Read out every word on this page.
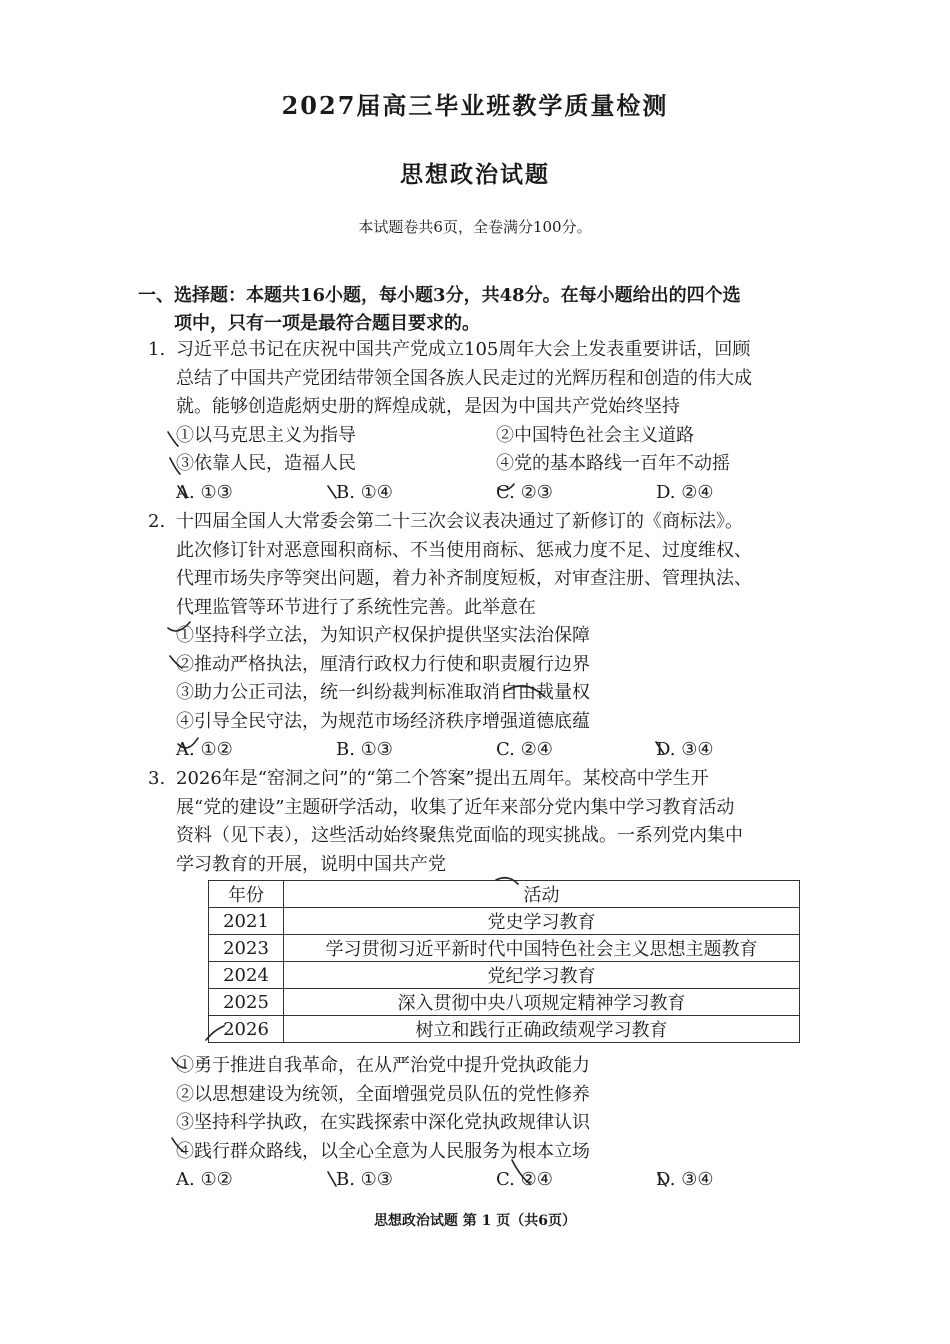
2027届高三毕业班教学质量检测
思想政治试题
本试题卷共6页，全卷满分100分。
一、选择题：本题共16小题，每小题3分，共48分。在每小题给出的四个选
项中，只有一项是最符合题目要求的。
1. 习近平总书记在庆祝中国共产党成立105周年大会上发表重要讲话，回顾
总结了中国共产党团结带领全国各族人民走过的光辉历程和创造的伟大成
就。能够创造彪炳史册的辉煌成就，是因为中国共产党始终坚持
①以马克思主义为指导	②中国特色社会主义道路
③依靠人民，造福人民	④党的基本路线一百年不动摇
A. ①③	B. ①④	C. ②③	D. ②④
2. 十四届全国人大常委会第二十三次会议表决通过了新修订的《商标法》。
此次修订针对恶意囤积商标、不当使用商标、惩戒力度不足、过度维权、
代理市场失序等突出问题，着力补齐制度短板，对审查注册、管理执法、
代理监管等环节进行了系统性完善。此举意在
①坚持科学立法，为知识产权保护提供坚实法治保障
②推动严格执法，厘清行政权力行使和职责履行边界
③助力公正司法，统一纠纷裁判标准取消自由裁量权
④引导全民守法，为规范市场经济秩序增强道德底蕴
A. ①②	B. ①③	C. ②④	D. ③④
3. 2026年是“窑洞之问”的“第二个答案”提出五周年。某校高中学生开
展“党的建设”主题研学活动，收集了近年来部分党内集中学习教育活动
资料（见下表），这些活动始终聚焦党面临的现实挑战。一系列党内集中
学习教育的开展，说明中国共产党
年份	活动
2021	党史学习教育
2023	学习贯彻习近平新时代中国特色社会主义思想主题教育
2024	党纪学习教育
2025	深入贯彻中央八项规定精神学习教育
2026	树立和践行正确政绩观学习教育
①勇于推进自我革命，在从严治党中提升党执政能力
②以思想建设为统领，全面增强党员队伍的党性修养
③坚持科学执政，在实践探索中深化党执政规律认识
④践行群众路线，以全心全意为人民服务为根本立场
A. ①②	B. ①③	C. ②④	D. ③④
思想政治试题 第 1 页（共6页）
